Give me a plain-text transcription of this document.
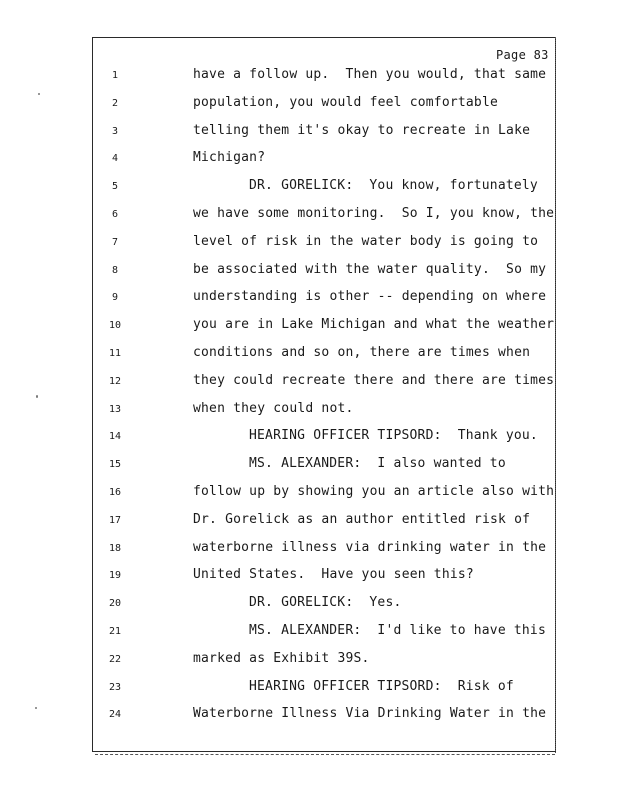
Page 83
1	have a follow up.  Then you would, that same
2	population, you would feel comfortable
3	telling them it's okay to recreate in Lake
4	Michigan?
5	DR. GORELICK:  You know, fortunately
6	we have some monitoring.  So I, you know, the
7	level of risk in the water body is going to
8	be associated with the water quality.  So my
9	understanding is other -- depending on where
10	you are in Lake Michigan and what the weather
11	conditions and so on, there are times when
12	they could recreate there and there are times
13	when they could not.
14	HEARING OFFICER TIPSORD:  Thank you.
15	MS. ALEXANDER:  I also wanted to
16	follow up by showing you an article also with
17	Dr. Gorelick as an author entitled risk of
18	waterborne illness via drinking water in the
19	United States.  Have you seen this?
20	DR. GORELICK:  Yes.
21	MS. ALEXANDER:  I'd like to have this
22	marked as Exhibit 39S.
23	HEARING OFFICER TIPSORD:  Risk of
24	Waterborne Illness Via Drinking Water in the
